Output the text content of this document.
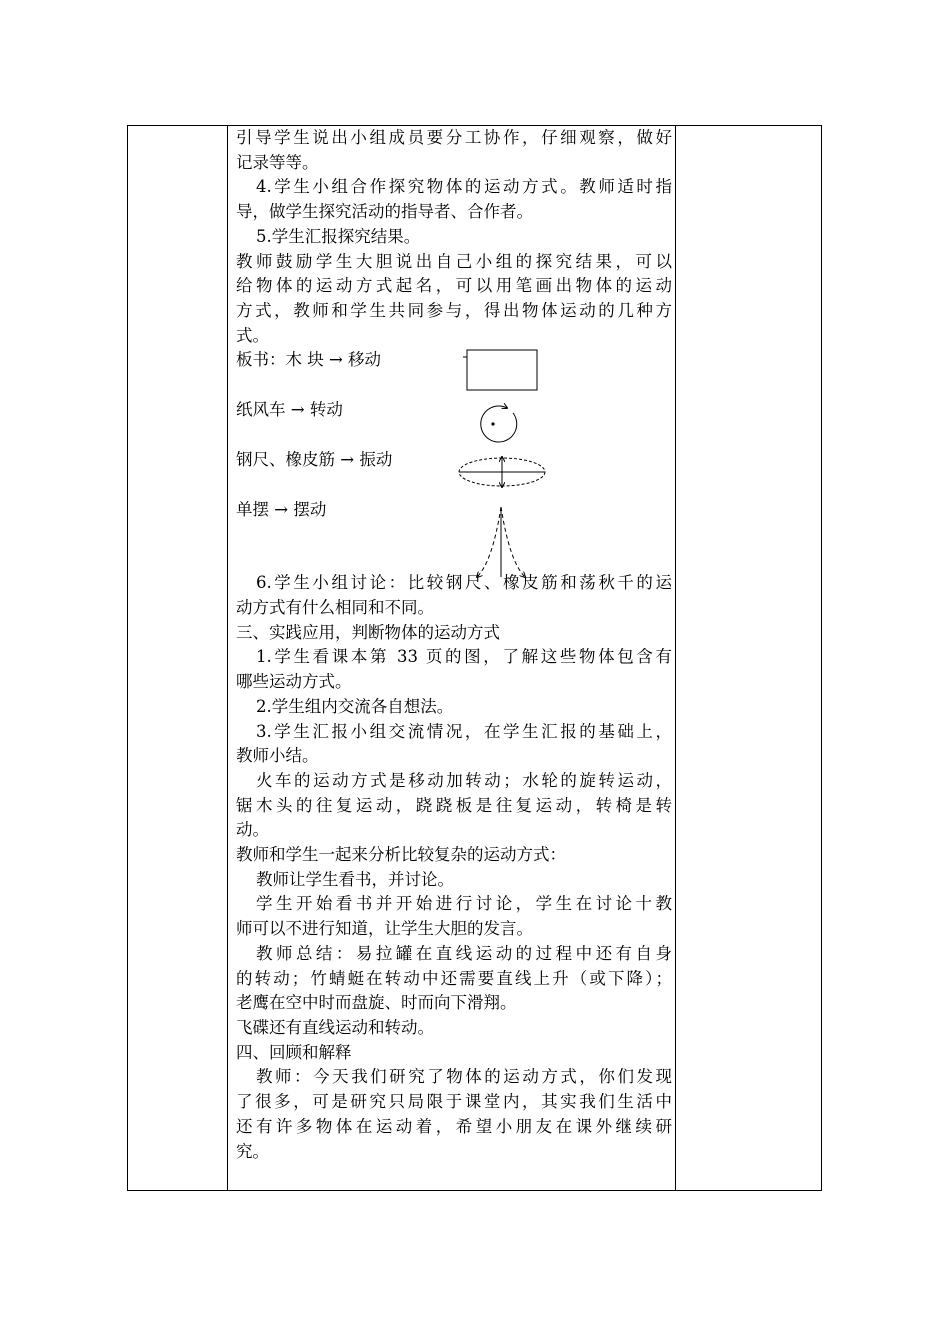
引导学生说出小组成员要分工协作，仔细观察，做好

记录等等。

4.学生小组合作探究物体的运动方式。教师适时指

导，做学生探究活动的指导者、合作者。

5.学生汇报探究结果。

教师鼓励学生大胆说出自己小组的探究结果，可以

给物体的运动方式起名，可以用笔画出物体的运动

方式，教师和学生共同参与，得出物体运动的几种方

式。

板书：木 块 → 移动

纸风车 → 转动

钢尺、橡皮筋 → 振动

单摆 → 摆动

6.学生小组讨论：比较钢尺、橡皮筋和荡秋千的运

动方式有什么相同和不同。

三、实践应用，判断物体的运动方式

1.学生看课本第 33 页的图，了解这些物体包含有

哪些运动方式。

2.学生组内交流各自想法。

3.学生汇报小组交流情况，在学生汇报的基础上，

教师小结。

火车的运动方式是移动加转动；水轮的旋转运动，

锯木头的往复运动，跷跷板是往复运动，转椅是转

动。

教师和学生一起来分析比较复杂的运动方式：

教师让学生看书，并讨论。

学生开始看书并开始进行讨论，学生在讨论十教

师可以不进行知道，让学生大胆的发言。

教师总结：易拉罐在直线运动的过程中还有自身

的转动；竹蜻蜓在转动中还需要直线上升（或下降）；

老鹰在空中时而盘旋、时而向下滑翔。

飞碟还有直线运动和转动。

四、回顾和解释

教师：今天我们研究了物体的运动方式，你们发现

了很多，可是研究只局限于课堂内，其实我们生活中

还有许多物体在运动着，希望小朋友在课外继续研

究。
